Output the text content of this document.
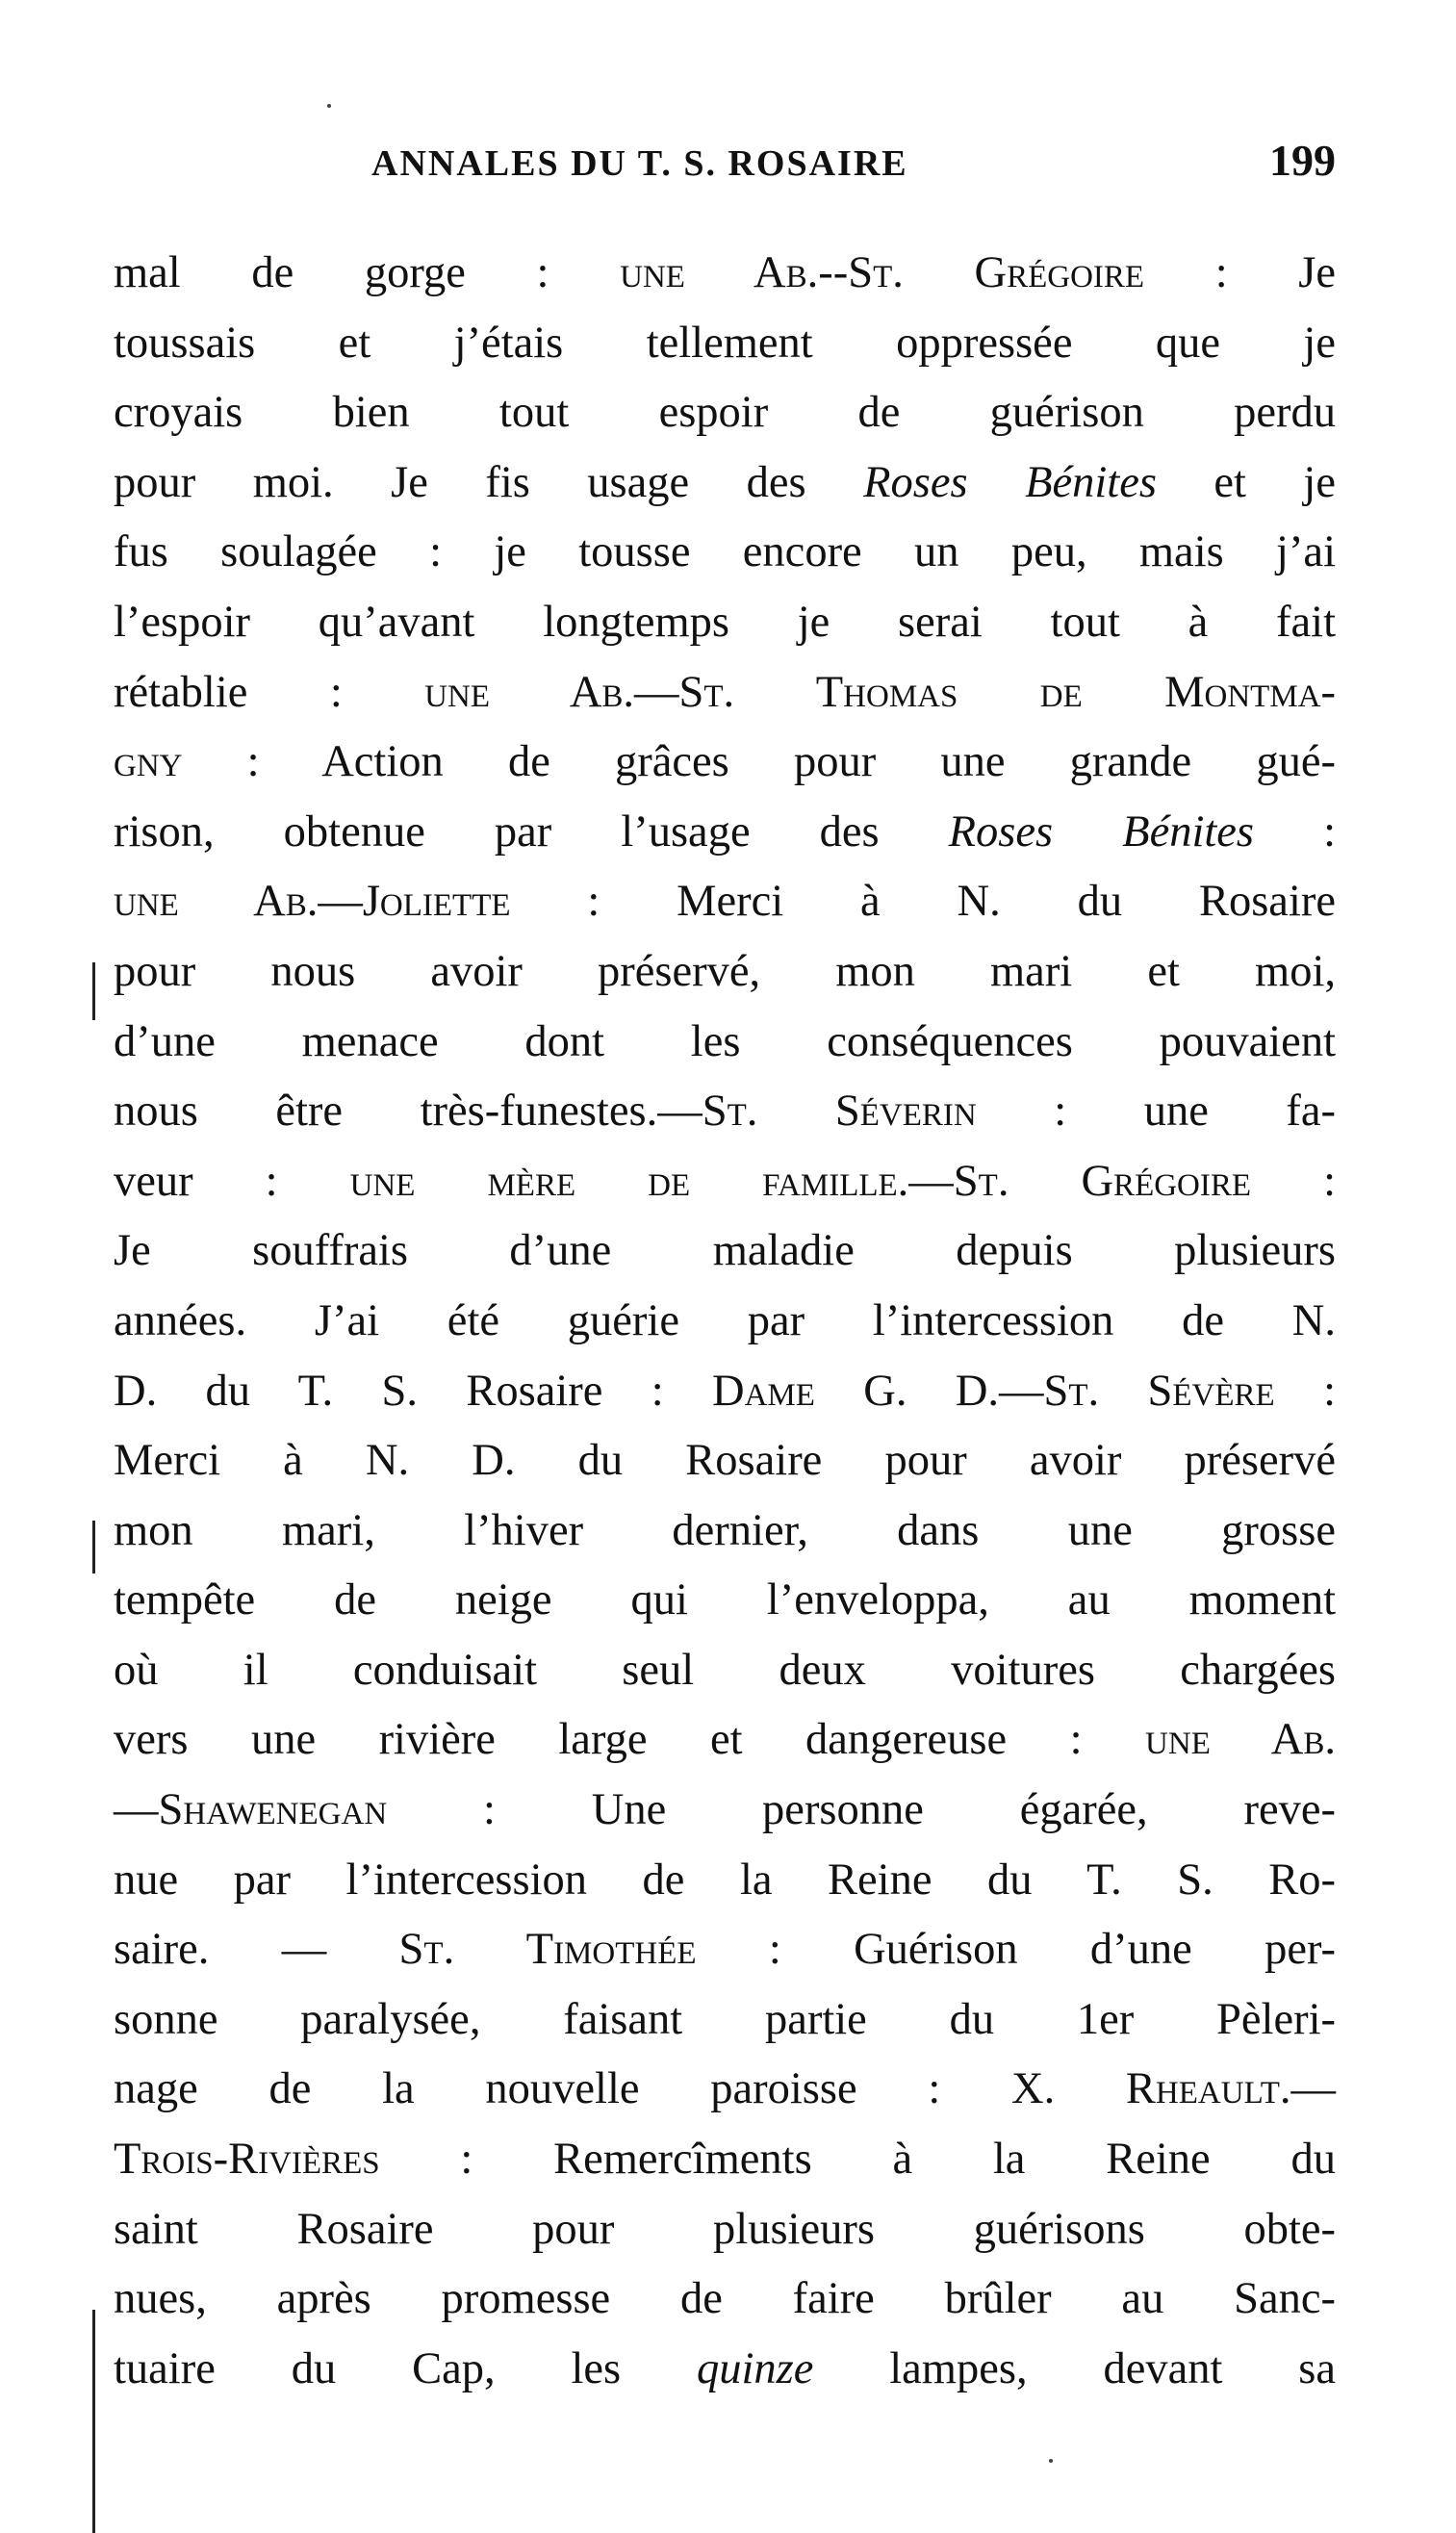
ANNALES DU T. S. ROSAIRE	199
mal de gorge : une Ab.--St. Grégoire : Je
toussais et j’étais tellement oppressée que je
croyais bien tout espoir de guérison perdu
pour moi. Je fis usage des Roses Bénites et je
fus soulagée : je tousse encore un peu, mais j’ai
l’espoir qu’avant longtemps je serai tout à fait
rétablie : une Ab.—St. Thomas de Montma-
gny : Action de grâces pour une grande gué-
rison, obtenue par l’usage des Roses Bénites :
une Ab.—Joliette : Merci à N. du Rosaire
pour nous avoir préservé, mon mari et moi,
d’une menace dont les conséquences pouvaient
nous être très-funestes.—St. Séverin : une fa-
veur : une mère de famille.—St. Grégoire :
Je souffrais d’une maladie depuis plusieurs
années. J’ai été guérie par l’intercession de N.
D. du T. S. Rosaire : Dame G. D.—St. Sévère :
Merci à N. D. du Rosaire pour avoir préservé
mon mari, l’hiver dernier, dans une grosse
tempête de neige qui l’enveloppa, au moment
où il conduisait seul deux voitures chargées
vers une rivière large et dangereuse : une Ab.
—Shawenegan : Une personne égarée, reve-
nue par l’intercession de la Reine du T. S. Ro-
saire. — St. Timothée : Guérison d’une per-
sonne paralysée, faisant partie du 1er Pèleri-
nage de la nouvelle paroisse : X. Rheault.—
Trois-Rivières : Remercîments à la Reine du
saint Rosaire pour plusieurs guérisons obte-
nues, après promesse de faire brûler au Sanc-
tuaire du Cap, les quinze lampes, devant sa
